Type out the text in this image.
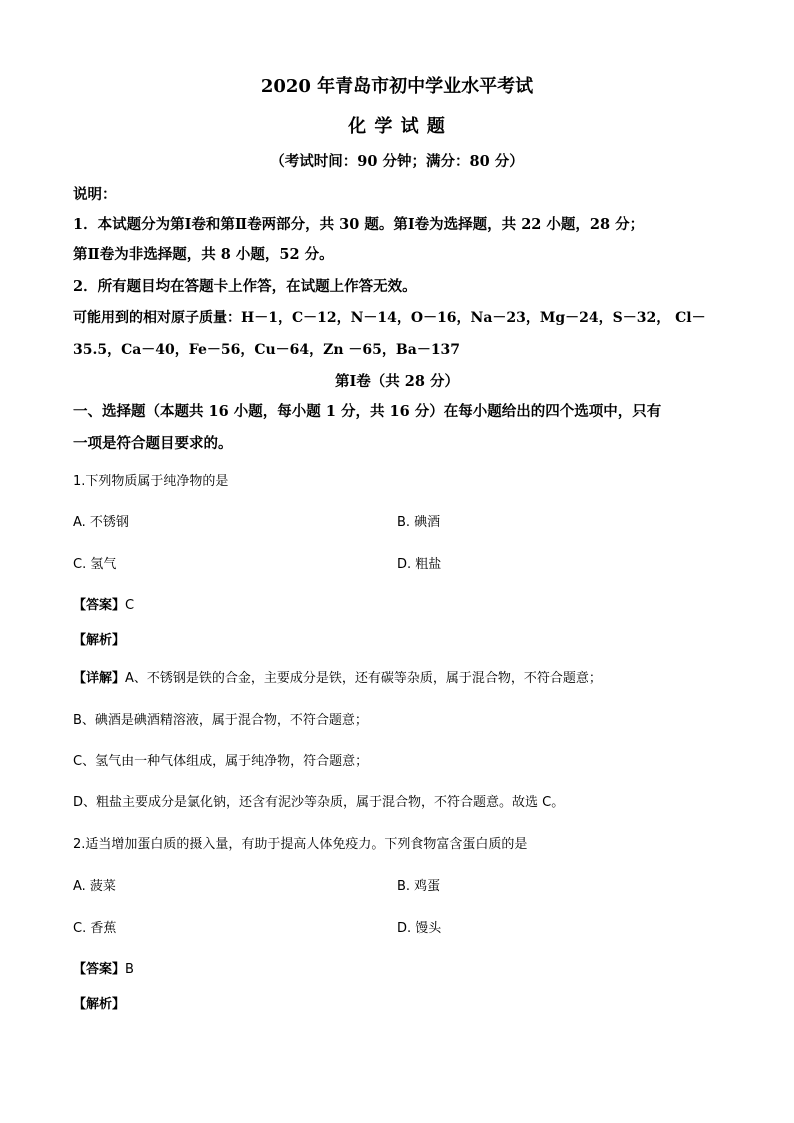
2020 年青岛市初中学业水平考试
化 学 试 题
（考试时间：90 分钟；满分：80 分）
说明：
1．本试题分为第Ⅰ卷和第Ⅱ卷两部分，共 30 题。第Ⅰ卷为选择题，共 22 小题，28 分；
第Ⅱ卷为非选择题，共 8 小题，52 分。
2．所有题目均在答题卡上作答，在试题上作答无效。
可能用到的相对原子质量：H－1，C－12，N－14，O－16，Na－23，Mg－24，S－32， Cl－
35.5，Ca－40，Fe－56，Cu－64，Zn －65，Ba－137
第Ⅰ卷（共 28 分）
一、选择题（本题共 16 小题，每小题 1 分，共 16 分）在每小题给出的四个选项中，只有
一项是符合题目要求的。
1.下列物质属于纯净物的是
A. 不锈钢	B. 碘酒
C. 氢气	D. 粗盐
【答案】C
【解析】
【详解】A、不锈钢是铁的合金，主要成分是铁，还有碳等杂质，属于混合物，不符合题意；
B、碘酒是碘酒精溶液，属于混合物，不符合题意；
C、氢气由一种气体组成，属于纯净物，符合题意；
D、粗盐主要成分是氯化钠，还含有泥沙等杂质，属于混合物，不符合题意。故选 C。
2.适当增加蛋白质的摄入量，有助于提高人体免疫力。下列食物富含蛋白质的是
A. 菠菜	B. 鸡蛋
C. 香蕉	D. 馒头
【答案】B
【解析】
